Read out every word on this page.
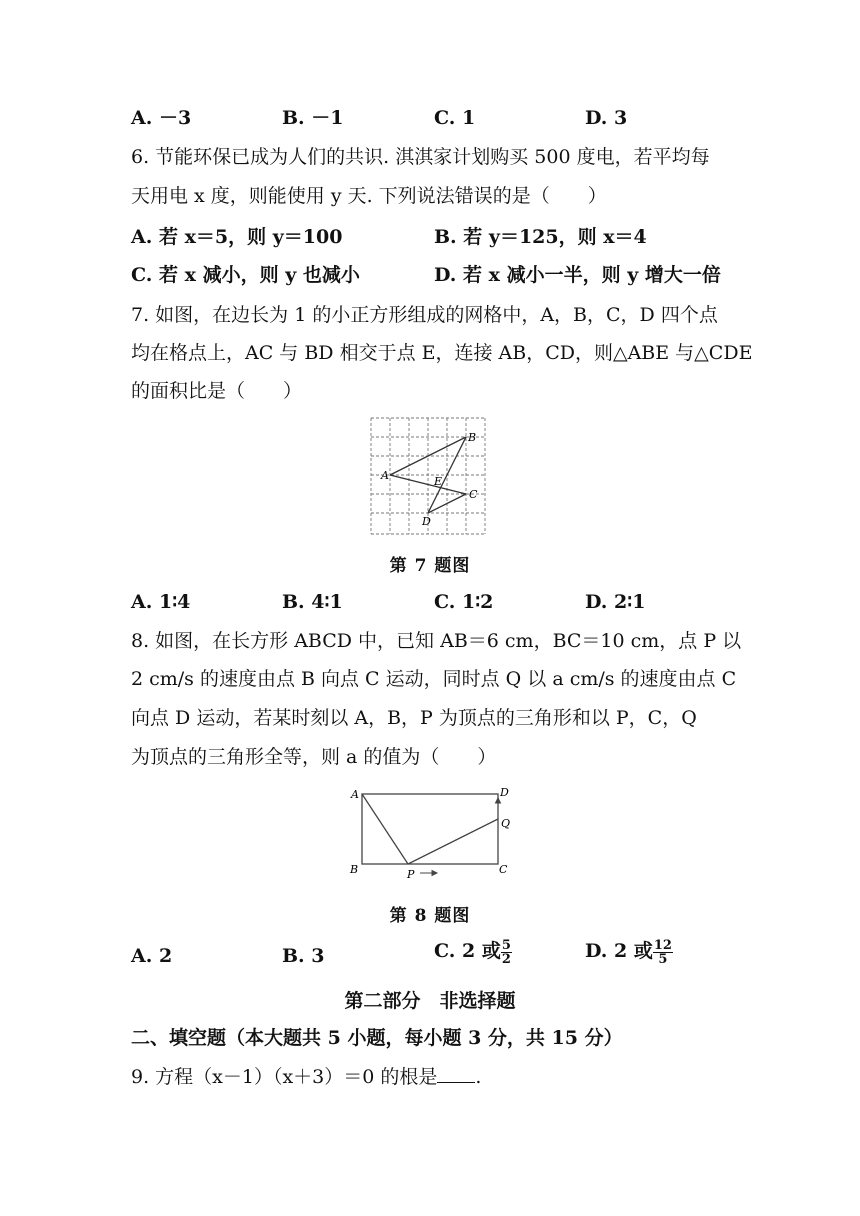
A. －3	B. －1	C. 1	D. 3
6. 节能环保已成为人们的共识. 淇淇家计划购买 500 度电，若平均每
天用电 x 度，则能使用 y 天. 下列说法错误的是（　　）
A. 若 x＝5，则 y＝100	B. 若 y＝125，则 x＝4
C. 若 x 减小，则 y 也减小	D. 若 x 减小一半，则 y 增大一倍
7. 如图，在边长为 1 的小正方形组成的网格中，A，B，C，D 四个点
均在格点上，AC 与 BD 相交于点 E，连接 AB，CD，则△ABE 与△CDE
的面积比是（　　）
A
B
C
D
E
第 7 题图
A. 1∶4	B. 4∶1	C. 1∶2	D. 2∶1
8. 如图，在长方形 ABCD 中，已知 AB＝6 cm，BC＝10 cm，点 P 以
2 cm/s 的速度由点 B 向点 C 运动，同时点 Q 以 a cm/s 的速度由点 C
向点 D 运动，若某时刻以 A，B，P 为顶点的三角形和以 P，C，Q
为顶点的三角形全等，则 a 的值为（　　）
A
B	C
D
P
Q
第 8 题图
A. 2	B. 3	C. 2 或 $\frac{5}{2}$	D. 2 或 $\frac{12}{5}$
第二部分　非选择题
二、填空题（本大题共 5 小题，每小题 3 分，共 15 分）
9. 方程（x－1）（x＋3）＝0 的根是 .
